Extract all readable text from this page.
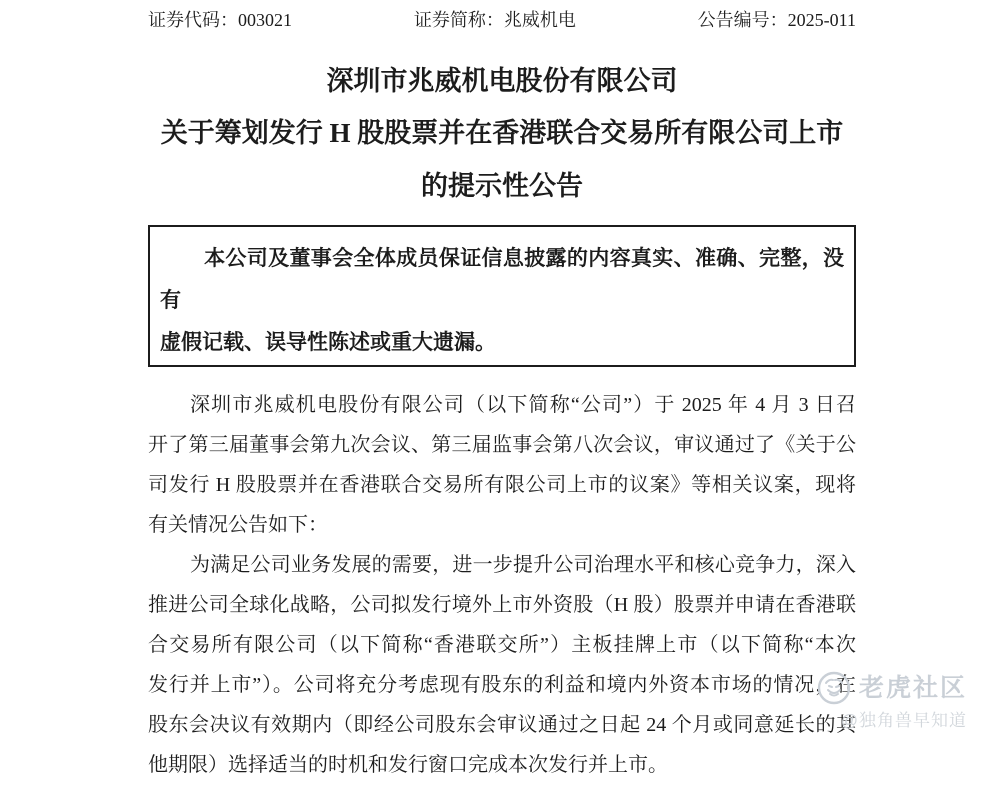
证券代码：003021	证券简称：兆威机电	公告编号：2025-011
深圳市兆威机电股份有限公司
关于筹划发行 H 股股票并在香港联合交易所有限公司上市
的提示性公告
本公司及董事会全体成员保证信息披露的内容真实、准确、完整，没有
虚假记载、误导性陈述或重大遗漏。
深圳市兆威机电股份有限公司（以下简称“公司”）于 2025 年 4 月 3 日召
开了第三届董事会第九次会议、第三届监事会第八次会议，审议通过了《关于公
司发行 H 股股票并在香港联合交易所有限公司上市的议案》等相关议案，现将
有关情况公告如下：
为满足公司业务发展的需要，进一步提升公司治理水平和核心竞争力，深入
推进公司全球化战略，公司拟发行境外上市外资股（H 股）股票并申请在香港联
合交易所有限公司（以下简称“香港联交所”）主板挂牌上市（以下简称“本次
发行并上市”）。公司将充分考虑现有股东的利益和境内外资本市场的情况，在
股东会决议有效期内（即经公司股东会审议通过之日起 24 个月或同意延长的其
他期限）选择适当的时机和发行窗口完成本次发行并上市。
老虎社区
@独角兽早知道
